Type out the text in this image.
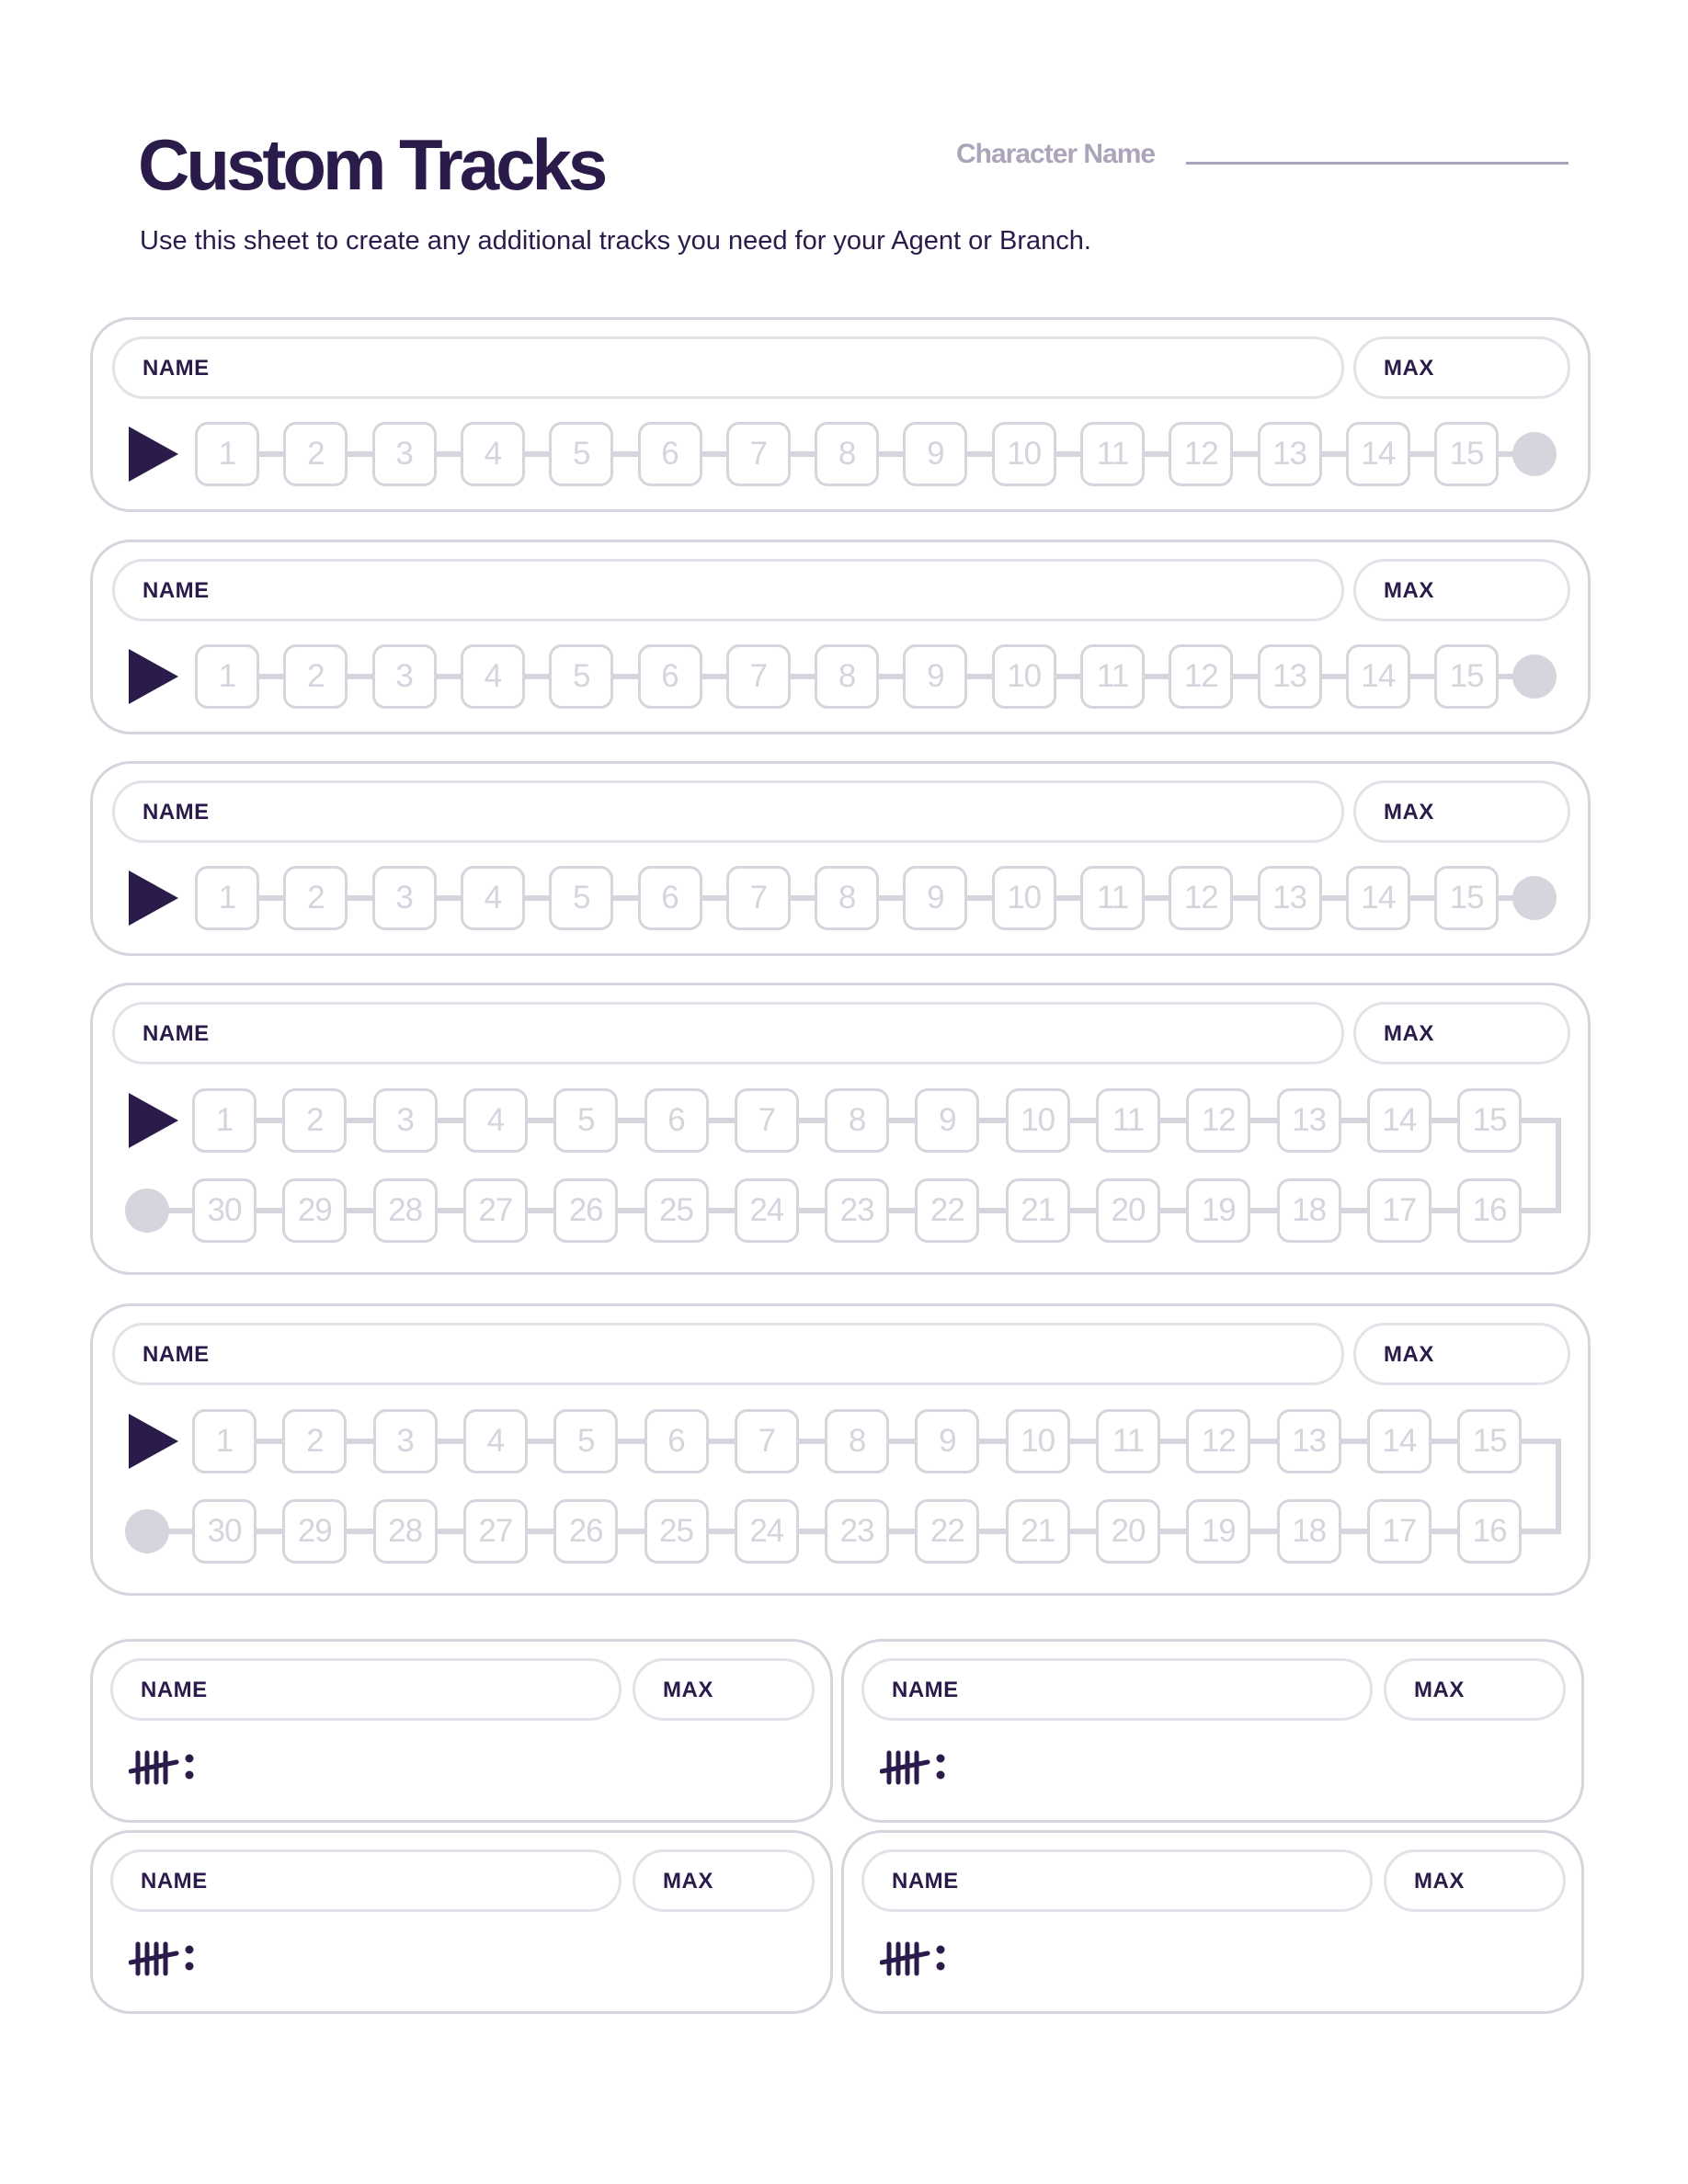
Custom Tracks
Use this sheet to create any additional tracks you need for your Agent or Branch.
Character Name
NAME	MAX
1	2	3	4	5	6	7	8	9	10	11	12	13	14	15
NAME	MAX
1	2	3	4	5	6	7	8	9	10	11	12	13	14	15
NAME	MAX
1	2	3	4	5	6	7	8	9	10	11	12	13	14	15
NAME	MAX
1	2	3	4	5	6	7	8	9	10	11	12	13	14	15
30	29	28	27	26	25	24	23	22	21	20	19	18	17	16
NAME	MAX
1	2	3	4	5	6	7	8	9	10	11	12	13	14	15
30	29	28	27	26	25	24	23	22	21	20	19	18	17	16
NAME	MAX	NAME	MAX
NAME	MAX	NAME	MAX
